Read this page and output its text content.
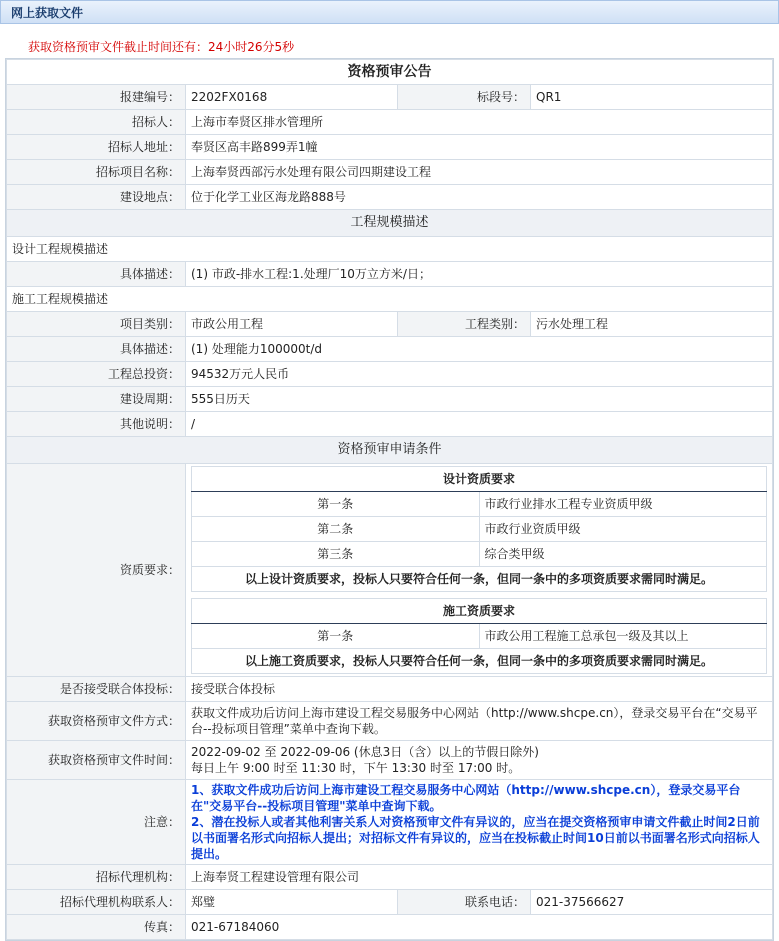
网上获取文件
获取资格预审文件截止时间还有：24小时26分5秒
资格预审公告
报建编号：	2202FX0168	标段号：	QR1
招标人：	上海市奉贤区排水管理所
招标人地址：	奉贤区高丰路899弄1幢
招标项目名称：	上海奉贤西部污水处理有限公司四期建设工程
建设地点：	位于化学工业区海龙路888号
工程规模描述
设计工程规模描述
具体描述：	(1) 市政-排水工程:1.处理厂10万立方米/日；
施工工程规模描述
项目类别：	市政公用工程	工程类别：	污水处理工程
具体描述：	(1) 处理能力100000t/d
工程总投资：	94532万元人民币
建设周期：	555日历天
其他说明：	/
资格预审申请条件
资质要求：	
设计资质要求
第一条	市政行业排水工程专业资质甲级
第二条	市政行业资质甲级
第三条	综合类甲级
以上设计资质要求，投标人只要符合任何一条，但同一条中的多项资质要求需同时满足。
施工资质要求
第一条	市政公用工程施工总承包一级及其以上
以上施工资质要求，投标人只要符合任何一条，但同一条中的多项资质要求需同时满足。

是否接受联合体投标：	接受联合体投标
获取资格预审文件方式：	获取文件成功后访问上海市建设工程交易服务中心网站（http://www.shcpe.cn），登录交易平台在“交易平台--投标项目管理”菜单中查询下载。
获取资格预审文件时间：	
2022-09-02 至 2022-09-06 (休息3日（含）以上的节假日除外)
每日上午 9:00 时至 11:30 时，下午 13:30 时至 17:00 时。

注意：	
1、获取文件成功后访问上海市建设工程交易服务中心网站（http://www.shcpe.cn），登录交易平台在"交易平台--投标项目管理"菜单中查询下载。
2、潜在投标人或者其他利害关系人对资格预审文件有异议的，应当在提交资格预审申请文件截止时间2日前以书面署名形式向招标人提出；对招标文件有异议的，应当在投标截止时间10日前以书面署名形式向招标人提出。

招标代理机构：	上海奉贤工程建设管理有限公司
招标代理机构联系人：	郑璧	联系电话：	021-37566627
传真：	021-67184060
